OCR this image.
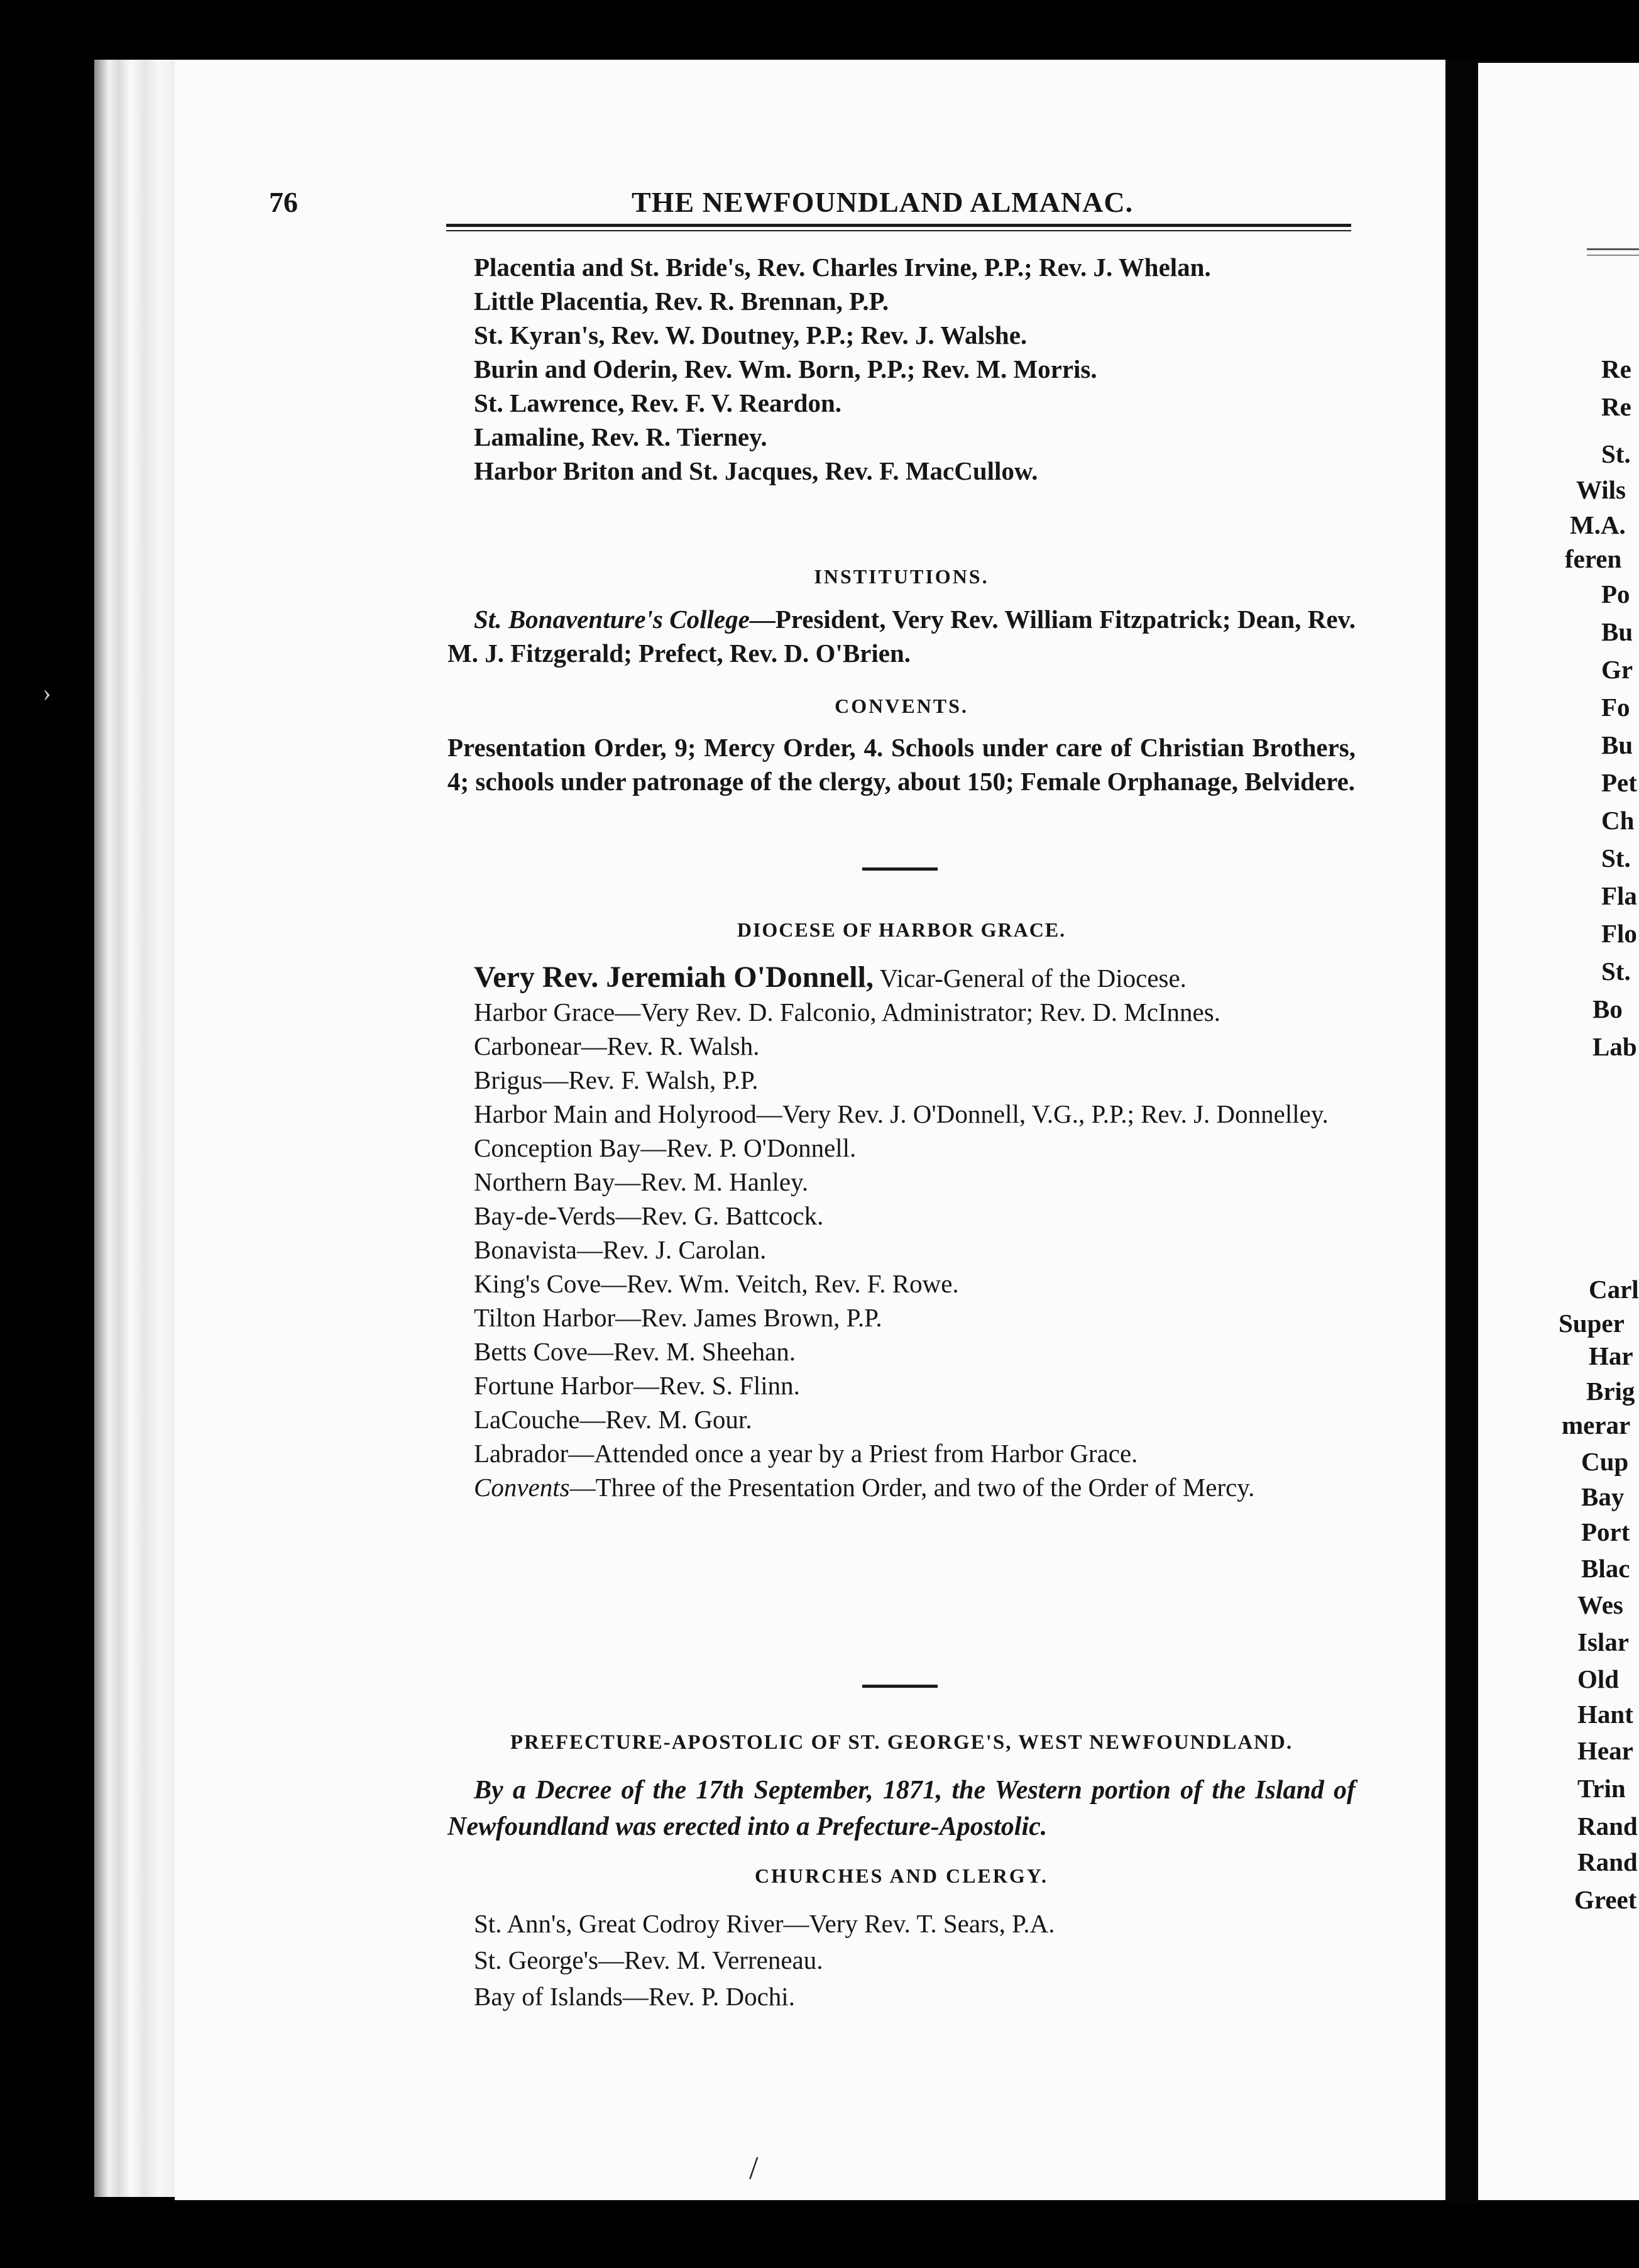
›
/
76	THE NEWFOUNDLAND ALMANAC.

Placentia and St. Bride's, Rev. Charles Irvine, P.P.; Rev. J. Whelan.

Little Placentia, Rev. R. Brennan, P.P.

St. Kyran's, Rev. W. Doutney, P.P.; Rev. J. Walshe.

Burin and Oderin, Rev. Wm. Born, P.P.; Rev. M. Morris.

St. Lawrence, Rev. F. V. Reardon.

Lamaline, Rev. R. Tierney.

Harbor Briton and St. Jacques, Rev. F. MacCullow.

INSTITUTIONS.

St. Bonaventure's College—President, Very Rev. William Fitzpatrick; Dean, Rev. M. J. Fitzgerald; Prefect, Rev. D. O'Brien.

CONVENTS.

Presentation Order, 9; Mercy Order, 4. Schools under care of Christian Brothers, 4; schools under patronage of the clergy, about 150; Female Orphanage, Belvidere.

DIOCESE OF HARBOR GRACE.

Very Rev. Jeremiah O'Donnell, Vicar-General of the Diocese.

Harbor Grace—Very Rev. D. Falconio, Administrator; Rev. D. McInnes.

Carbonear—Rev. R. Walsh.

Brigus—Rev. F. Walsh, P.P.

Harbor Main and Holyrood—Very Rev. J. O'Donnell, V.G., P.P.; Rev. J. Donnelley.

Conception Bay—Rev. P. O'Donnell.

Northern Bay—Rev. M. Hanley.

Bay-de-Verds—Rev. G. Battcock.

Bonavista—Rev. J. Carolan.

King's Cove—Rev. Wm. Veitch, Rev. F. Rowe.

Tilton Harbor—Rev. James Brown, P.P.

Betts Cove—Rev. M. Sheehan.

Fortune Harbor—Rev. S. Flinn.

LaCouche—Rev. M. Gour.

Labrador—Attended once a year by a Priest from Harbor Grace.

Convents—Three of the Presentation Order, and two of the Order of Mercy.

PREFECTURE-APOSTOLIC OF ST. GEORGE'S, WEST NEWFOUNDLAND.

By a Decree of the 17th September, 1871, the Western portion of the Island of Newfoundland was erected into a Prefecture-Apostolic.

CHURCHES AND CLERGY.

St. Ann's, Great Codroy River—Very Rev. T. Sears, P.A.

St. George's—Rev. M. Verreneau.

Bay of Islands—Rev. P. Dochi.

Re
Re
St.
Wils
M.A.
feren
Po
Bu
Gr
Fo
Bu
Pet
Ch
St.
Fla
Flo
St.
Bo
Lab
Carl
Super
Har
Brig
merar
Cup
Bay
Port
Blac
Wes
Islar
Old
Hant
Hear
Trin
Rand
Rand
Greet
